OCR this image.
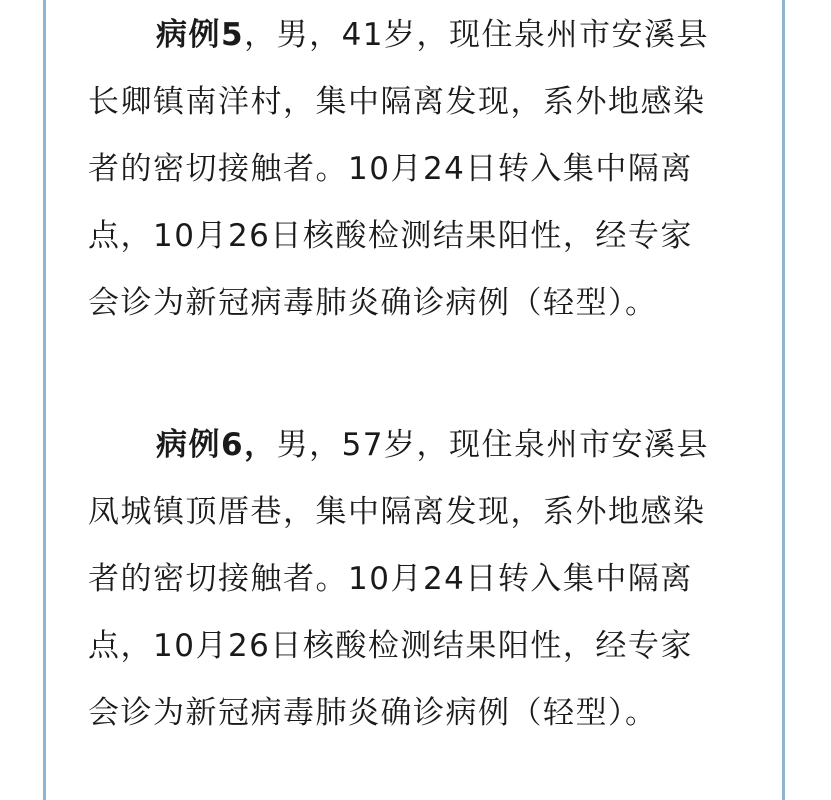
病例5，男，41岁，现住泉州市安溪县
长卿镇南洋村，集中隔离发现，系外地感染
者的密切接触者。10月24日转入集中隔离
点，10月26日核酸检测结果阳性，经专家
会诊为新冠病毒肺炎确诊病例（轻型）。
病例6，男，57岁，现住泉州市安溪县
凤城镇顶厝巷，集中隔离发现，系外地感染
者的密切接触者。10月24日转入集中隔离
点，10月26日核酸检测结果阳性，经专家
会诊为新冠病毒肺炎确诊病例（轻型）。
